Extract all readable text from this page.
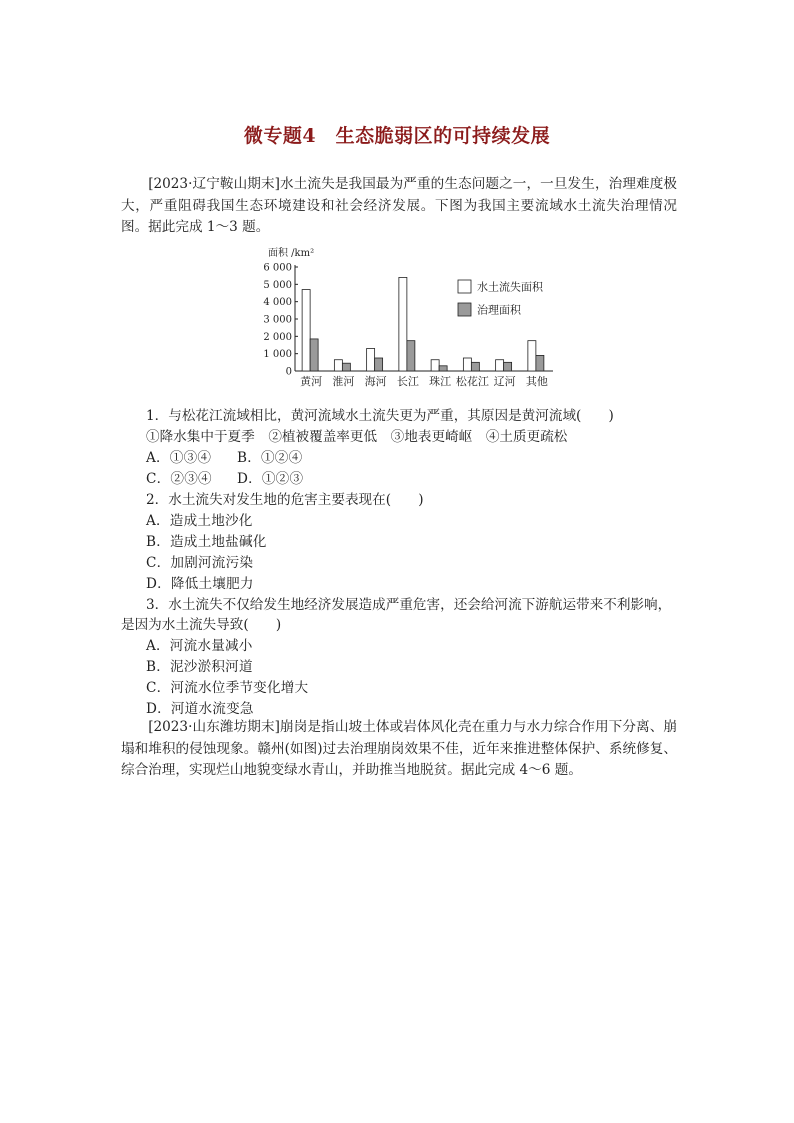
微专题4　生态脆弱区的可持续发展
[2023·辽宁鞍山期末]水土流失是我国最为严重的生态问题之一，一旦发生，治理难度极大，严重阻碍我国生态环境建设和社会经济发展。下图为我国主要流域水土流失治理情况图。据此完成 1～3 题。
面积 /km²
0
1 000
2 000
3 000
4 000
5 000
6 000
黄河 淮河 海河 长江 珠江 松花江 辽河 其他
水土流失面积
治理面积
1．与松花江流域相比，黄河流域水土流失更为严重，其原因是黄河流域(　　)
①降水集中于夏季　②植被覆盖率更低　③地表更崎岖　④土质更疏松
A．①③④ B．①②④
C．②③④ D．①②③
2．水土流失对发生地的危害主要表现在(　　)
A．造成土地沙化
B．造成土地盐碱化
C．加剧河流污染
D．降低土壤肥力
3．水土流失不仅给发生地经济发展造成严重危害，还会给河流下游航运带来不利影响，
是因为水土流失导致(　　)
A．河流水量减小
B．泥沙淤积河道
C．河流水位季节变化增大
D．河道水流变急
[2023·山东潍坊期末]崩岗是指山坡土体或岩体风化壳在重力与水力综合作用下分离、崩塌和堆积的侵蚀现象。赣州(如图)过去治理崩岗效果不佳，近年来推进整体保护、系统修复、综合治理，实现烂山地貌变绿水青山，并助推当地脱贫。据此完成 4～6 题。
